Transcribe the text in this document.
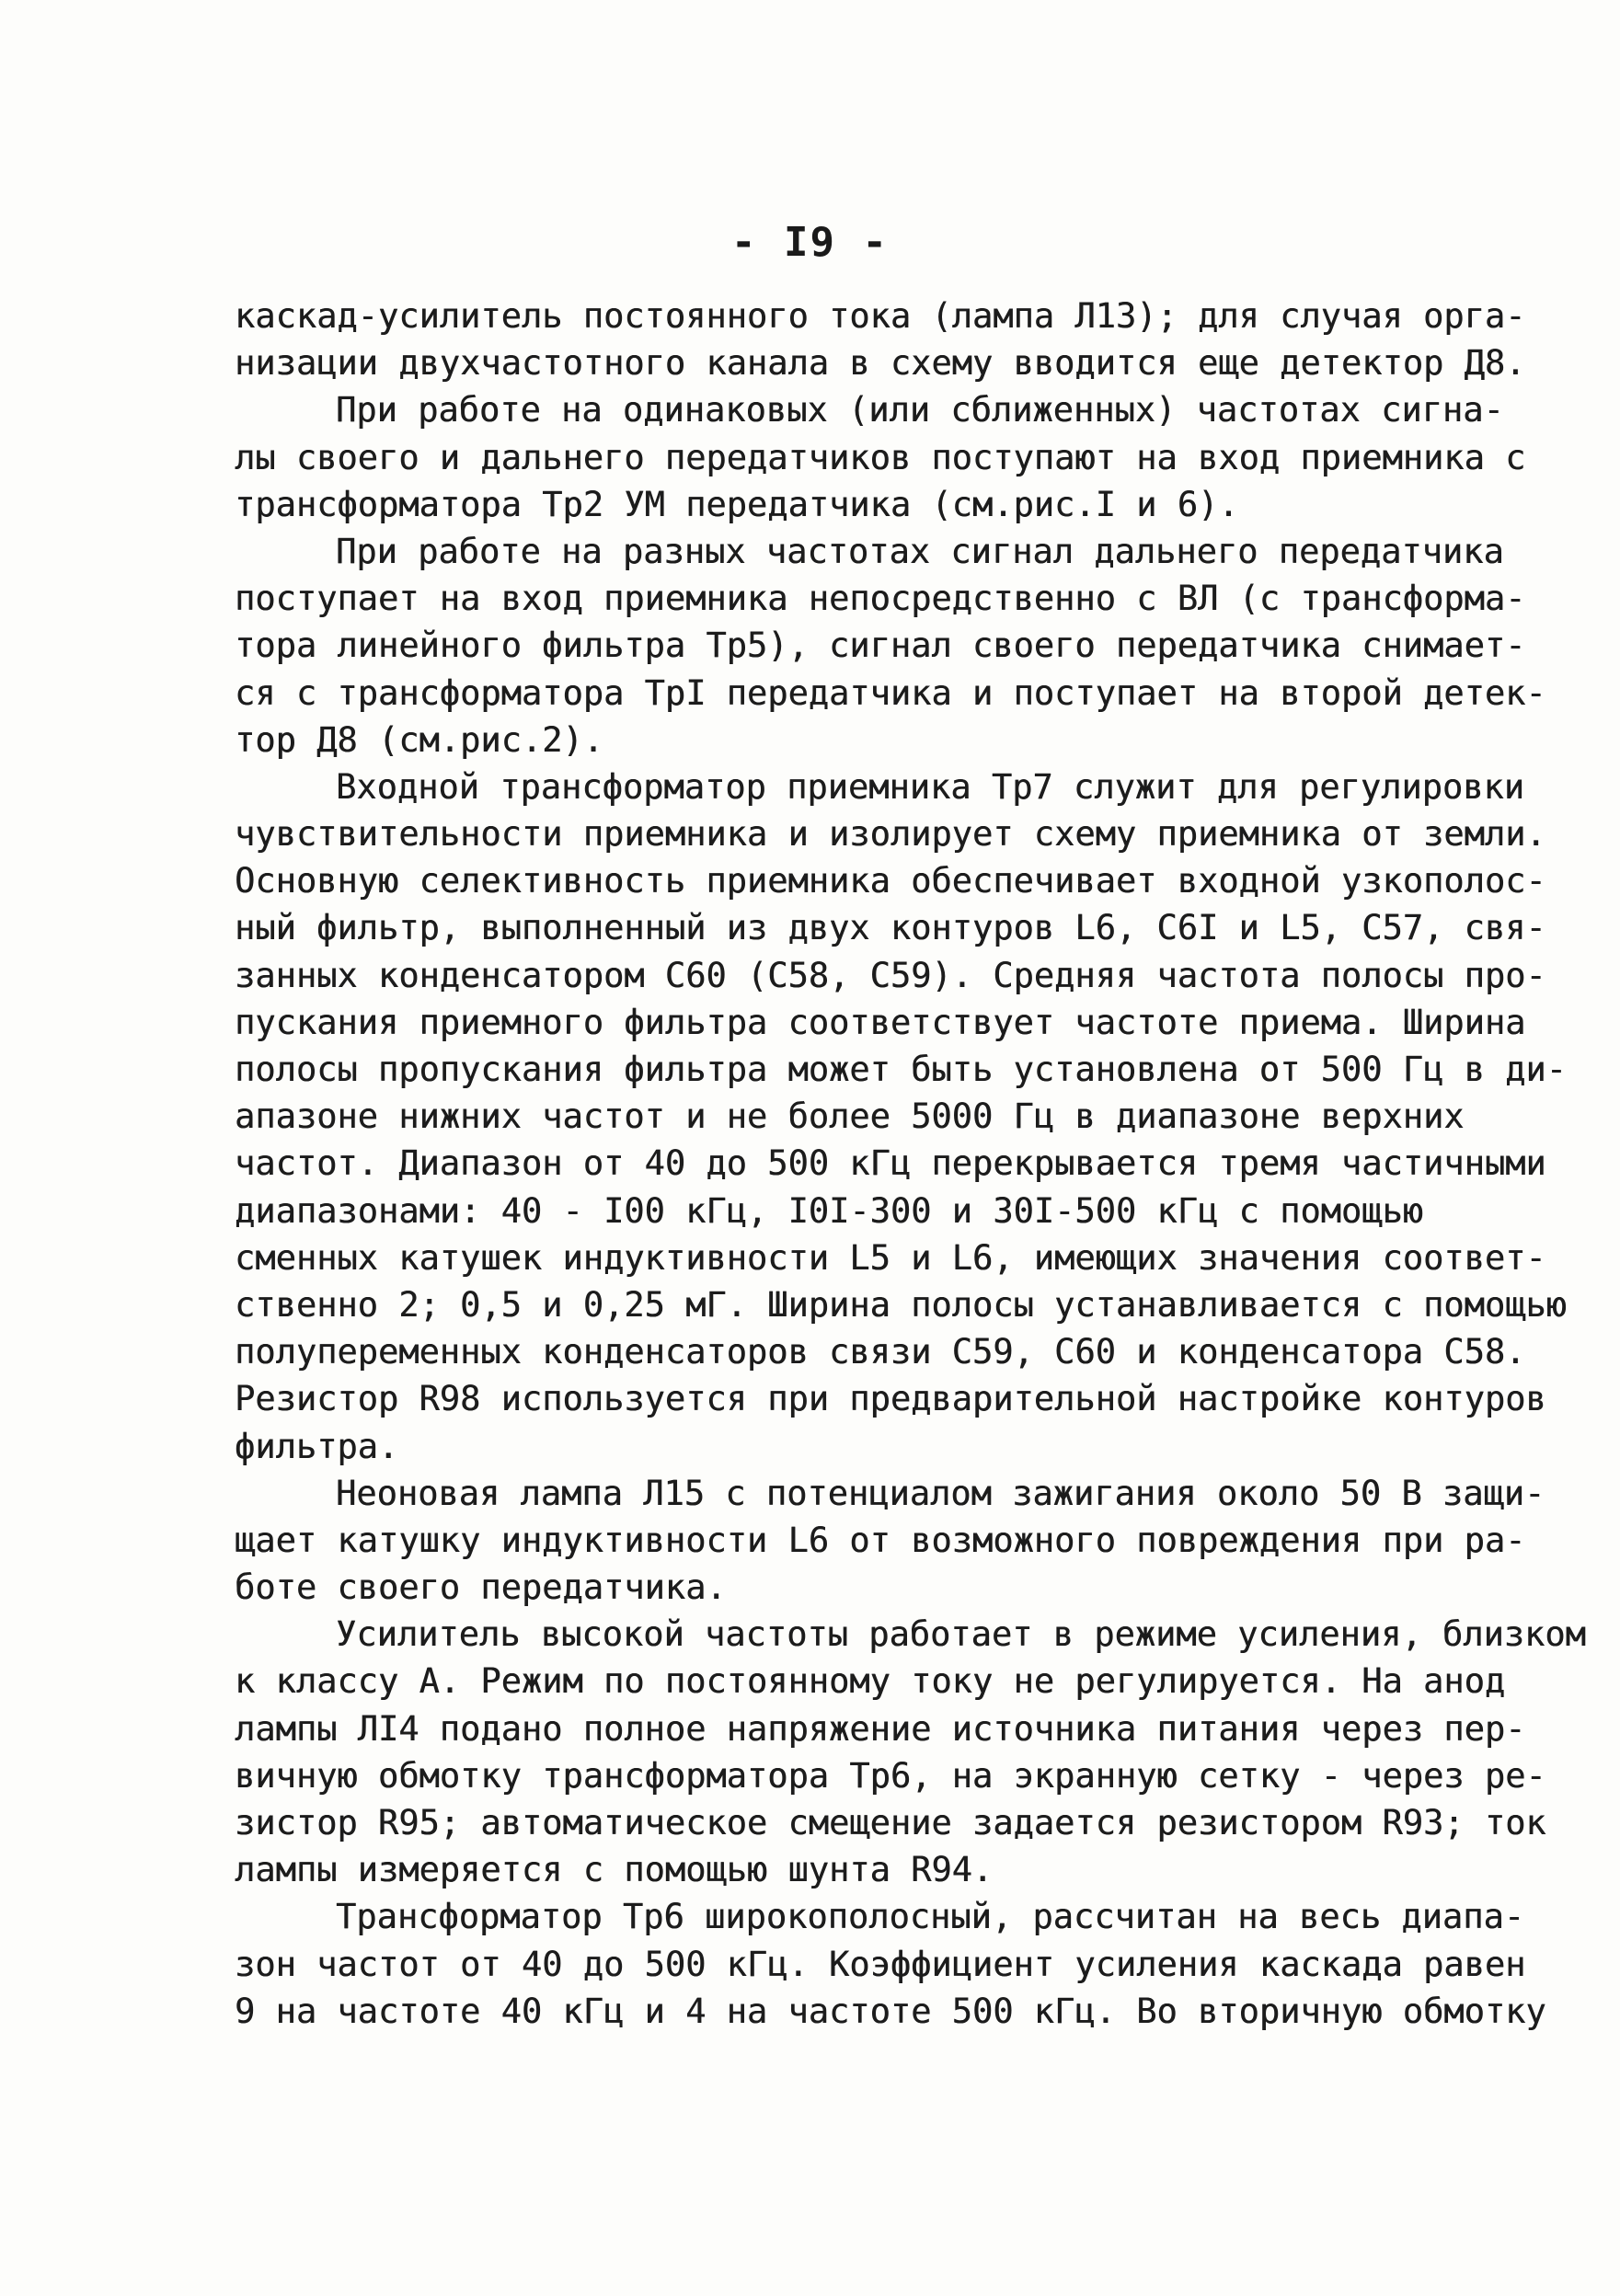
- I9 -
каскад-усилитель постоянного тока (лампа Л13); для случая орга-
низации двухчастотного канала в схему вводится еще детектор Д8.
При работе на одинаковых (или сближенных) частотах сигна-
лы своего и дальнего передатчиков поступают на вход приемника с
трансформатора Тр2 УМ передатчика (см.рис.I и 6).
При работе на разных частотах сигнал дальнего передатчика
поступает на вход приемника непосредственно с ВЛ (с трансформа-
тора линейного фильтра Тр5), сигнал своего передатчика снимает-
ся с трансформатора ТрI передатчика и поступает на второй детек-
тор Д8 (см.рис.2).
Входной трансформатор приемника Тр7 служит для регулировки
чувствительности приемника и изолирует схему приемника от земли.
Основную селективность приемника обеспечивает входной узкополос-
ный фильтр, выполненный из двух контуров L6, C6I и L5, C57, свя-
занных конденсатором С60 (С58, С59). Средняя частота полосы про-
пускания приемного фильтра соответствует частоте приема. Ширина
полосы пропускания фильтра может быть установлена от 500 Гц в ди-
апазоне нижних частот и не более 5000 Гц в диапазоне верхних
частот. Диапазон от 40 до 500 кГц перекрывается тремя частичными
диапазонами: 40 - I00 кГц, I0I-300 и 30I-500 кГц с помощью
сменных катушек индуктивности L5 и L6, имеющих значения соответ-
ственно 2; 0,5 и 0,25 мГ. Ширина полосы устанавливается с помощью
полупеременных конденсаторов связи С59, С60 и конденсатора С58.
Резистор R98 используется при предварительной настройке контуров
фильтра.
Неоновая лампа Л15 с потенциалом зажигания около 50 В защи-
щает катушку индуктивности L6 от возможного повреждения при ра-
боте своего передатчика.
Усилитель высокой частоты работает в режиме усиления, близком
к классу А. Режим по постоянному току не регулируется. На анод
лампы ЛI4 подано полное напряжение источника питания через пер-
вичную обмотку трансформатора Тр6, на экранную сетку - через ре-
зистор R95; автоматическое смещение задается резистором R93; ток
лампы измеряется с помощью шунта R94.
Трансформатор Тр6 широкополосный, рассчитан на весь диапа-
зон частот от 40 до 500 кГц. Коэффициент усиления каскада равен
9 на частоте 40 кГц и 4 на частоте 500 кГц. Во вторичную обмотку
